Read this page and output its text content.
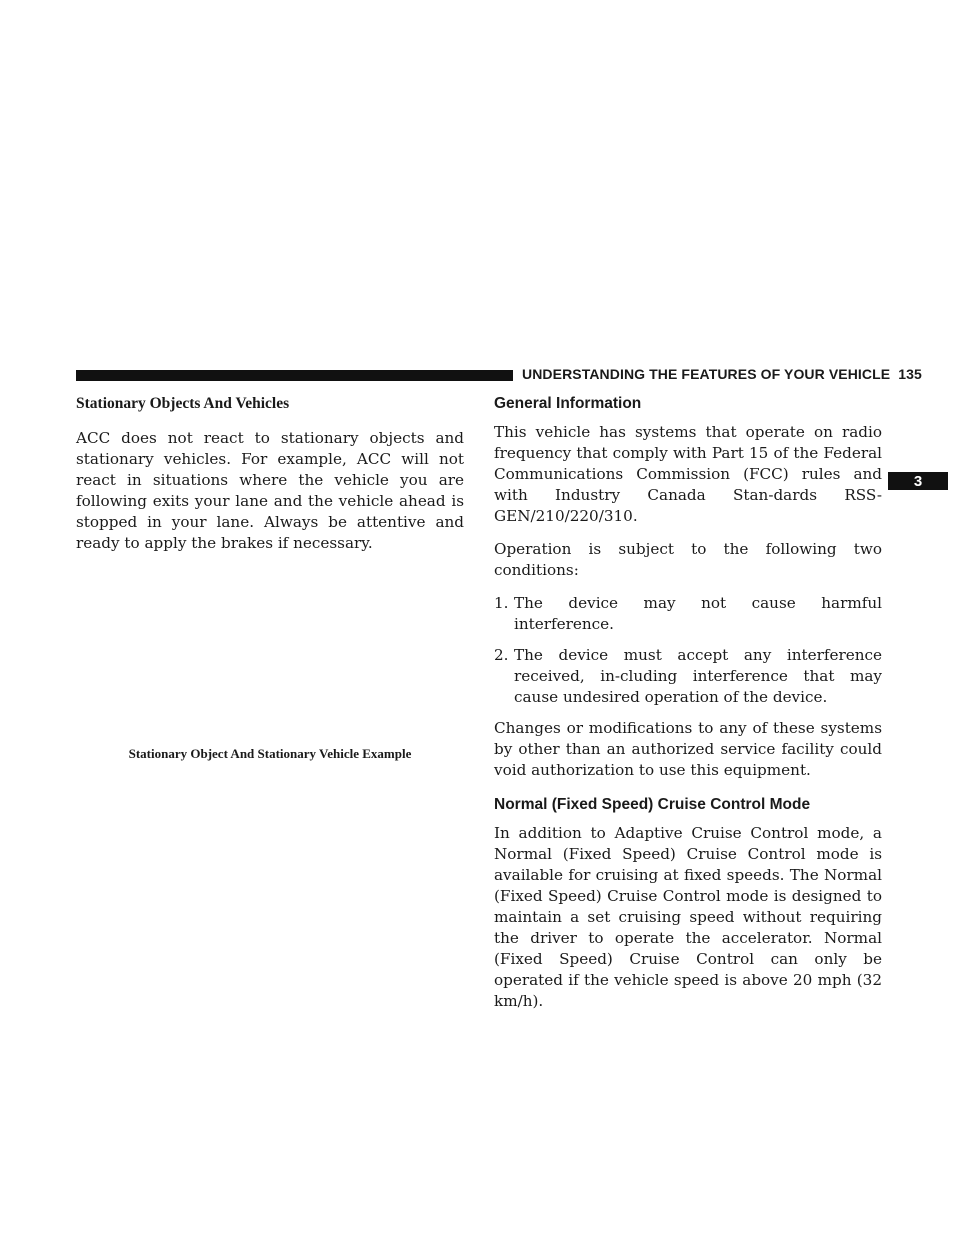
UNDERSTANDING THE FEATURES OF YOUR VEHICLE 135
3
Stationary Objects And Vehicles

ACC does not react to stationary objects and stationary vehicles. For example, ACC will not react in situations where the vehicle you are following exits your lane and the vehicle ahead is stopped in your lane. Always be attentive and ready to apply the brakes if necessary.

Stationary Object And Stationary Vehicle Example
General Information

This vehicle has systems that operate on radio frequency that comply with Part 15 of the Federal Communications Commission (FCC) rules and with Industry Canada Stan-dards RSS- GEN/210/220/310.

Operation is subject to the following two conditions:

1. The device may not cause harmful interference.
2. The device must accept any interference received, in-cluding interference that may cause undesired operation of the device.

Changes or modifications to any of these systems by other than an authorized service facility could void authorization to use this equipment.

Normal (Fixed Speed) Cruise Control Mode

In addition to Adaptive Cruise Control mode, a Normal (Fixed Speed) Cruise Control mode is available for cruising at fixed speeds. The Normal (Fixed Speed) Cruise Control mode is designed to maintain a set cruising speed without requiring the driver to operate the accelerator. Normal (Fixed Speed) Cruise Control can only be operated if the vehicle speed is above 20 mph (32 km/h).
